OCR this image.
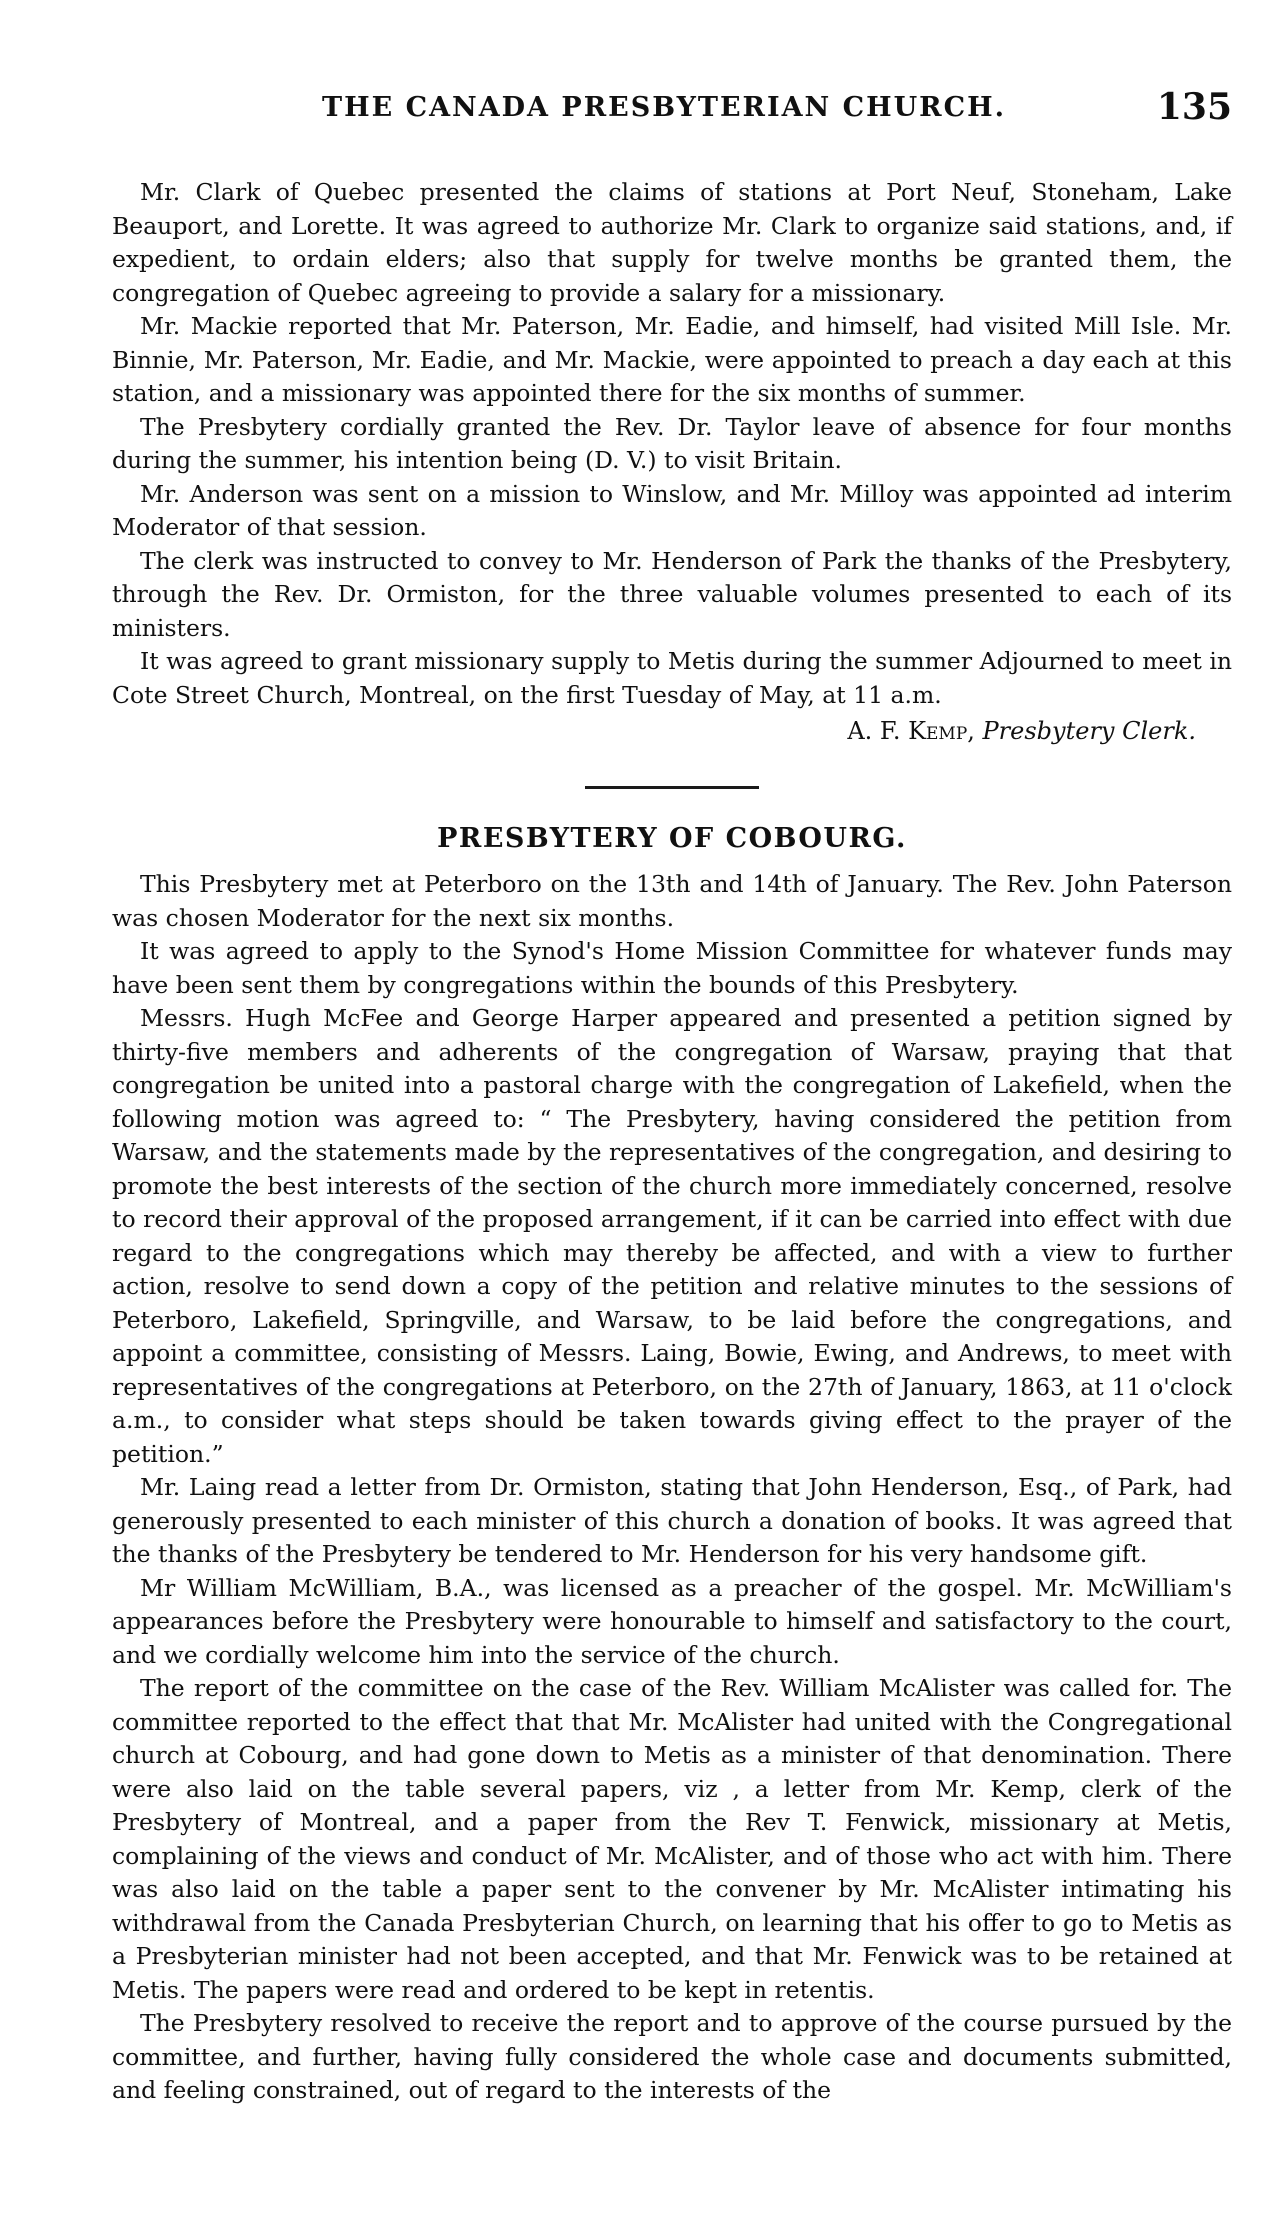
THE CANADA PRESBYTERIAN CHURCH.	135

Mr. Clark of Quebec presented the claims of stations at Port Neuf, Stoneham, Lake Beauport, and Lorette. It was agreed to authorize Mr. Clark to organize said stations, and, if expedient, to ordain elders; also that supply for twelve months be granted them, the congregation of Quebec agreeing to provide a salary for a missionary.

Mr. Mackie reported that Mr. Paterson, Mr. Eadie, and himself, had visited Mill Isle. Mr. Binnie, Mr. Paterson, Mr. Eadie, and Mr. Mackie, were appointed to preach a day each at this station, and a missionary was appointed there for the six months of summer.

The Presbytery cordially granted the Rev. Dr. Taylor leave of absence for four months during the summer, his intention being (D. V.) to visit Britain.

Mr. Anderson was sent on a mission to Winslow, and Mr. Milloy was appointed ad interim Moderator of that session.

The clerk was instructed to convey to Mr. Henderson of Park the thanks of the Presbytery, through the Rev. Dr. Ormiston, for the three valuable volumes presented to each of its ministers.

It was agreed to grant missionary supply to Metis during the summer Adjourned to meet in Cote Street Church, Montreal, on the first Tuesday of May, at 11 a.m.

A. F. Kemp, Presbytery Clerk.

PRESBYTERY OF COBOURG.

This Presbytery met at Peterboro on the 13th and 14th of January. The Rev. John Paterson was chosen Moderator for the next six months.

It was agreed to apply to the Synod's Home Mission Committee for whatever funds may have been sent them by congregations within the bounds of this Presbytery.

Messrs. Hugh McFee and George Harper appeared and presented a petition signed by thirty-five members and adherents of the congregation of Warsaw, praying that that congregation be united into a pastoral charge with the congregation of Lakefield, when the following motion was agreed to: “ The Presbytery, having considered the petition from Warsaw, and the statements made by the representatives of the congregation, and desiring to promote the best interests of the section of the church more immediately concerned, resolve to record their approval of the proposed arrangement, if it can be carried into effect with due regard to the congregations which may thereby be affected, and with a view to further action, resolve to send down a copy of the petition and relative minutes to the sessions of Peterboro, Lakefield, Springville, and Warsaw, to be laid before the congregations, and appoint a committee, consisting of Messrs. Laing, Bowie, Ewing, and Andrews, to meet with representatives of the congregations at Peterboro, on the 27th of January, 1863, at 11 o'clock a.m., to consider what steps should be taken towards giving effect to the prayer of the petition.”

Mr. Laing read a letter from Dr. Ormiston, stating that John Henderson, Esq., of Park, had generously presented to each minister of this church a donation of books. It was agreed that the thanks of the Presbytery be tendered to Mr. Henderson for his very handsome gift.

Mr William McWilliam, B.A., was licensed as a preacher of the gospel. Mr. McWilliam's appearances before the Presbytery were honourable to himself and satisfactory to the court, and we cordially welcome him into the service of the church.

The report of the committee on the case of the Rev. William McAlister was called for. The committee reported to the effect that that Mr. McAlister had united with the Congregational church at Cobourg, and had gone down to Metis as a minister of that denomination. There were also laid on the table several papers, viz , a letter from Mr. Kemp, clerk of the Presbytery of Montreal, and a paper from the Rev T. Fenwick, missionary at Metis, complaining of the views and conduct of Mr. McAlister, and of those who act with him. There was also laid on the table a paper sent to the convener by Mr. McAlister intimating his withdrawal from the Canada Presbyterian Church, on learning that his offer to go to Metis as a Presbyterian minister had not been accepted, and that Mr. Fenwick was to be retained at Metis. The papers were read and ordered to be kept in retentis.

The Presbytery resolved to receive the report and to approve of the course pursued by the committee, and further, having fully considered the whole case and documents submitted, and feeling constrained, out of regard to the interests of the
